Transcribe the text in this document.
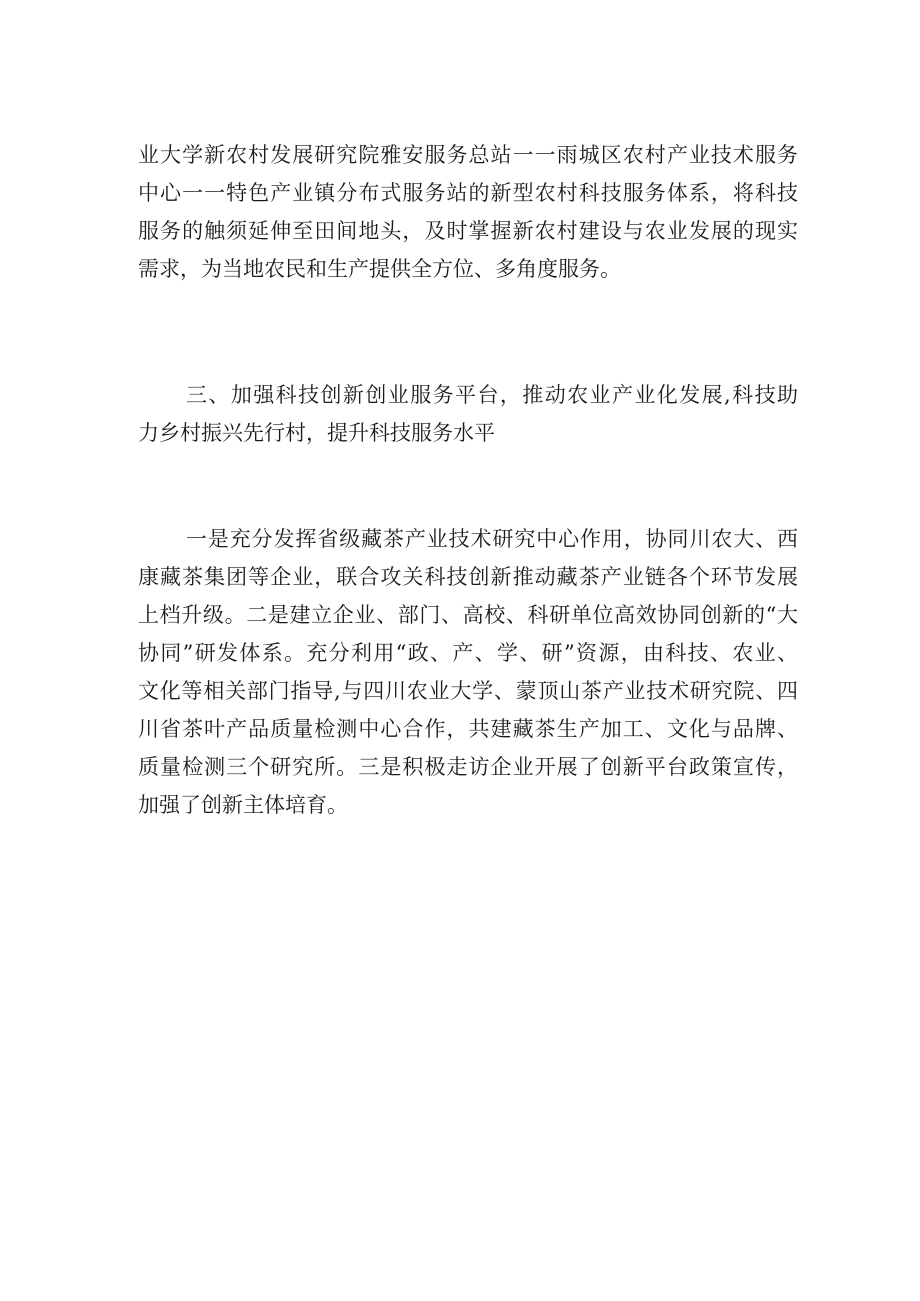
业大学新农村发展研究院雅安服务总站一一雨城区农村产业技术服务
中心一一特色产业镇分布式服务站的新型农村科技服务体系，将科技
服务的触须延伸至田间地头，及时掌握新农村建设与农业发展的现实
需求，为当地农民和生产提供全方位、多角度服务。
三、加强科技创新创业服务平台，推动农业产业化发展,科技助
力乡村振兴先行村，提升科技服务水平
一是充分发挥省级藏茶产业技术研究中心作用，协同川农大、西
康藏茶集团等企业，联合攻关科技创新推动藏茶产业链各个环节发展
上档升级。二是建立企业、部门、高校、科研单位高效协同创新的“大
协同”研发体系。充分利用“政、产、学、研”资源，由科技、农业、
文化等相关部门指导,与四川农业大学、蒙顶山茶产业技术研究院、四
川省茶叶产品质量检测中心合作，共建藏茶生产加工、文化与品牌、
质量检测三个研究所。三是积极走访企业开展了创新平台政策宣传，
加强了创新主体培育。
